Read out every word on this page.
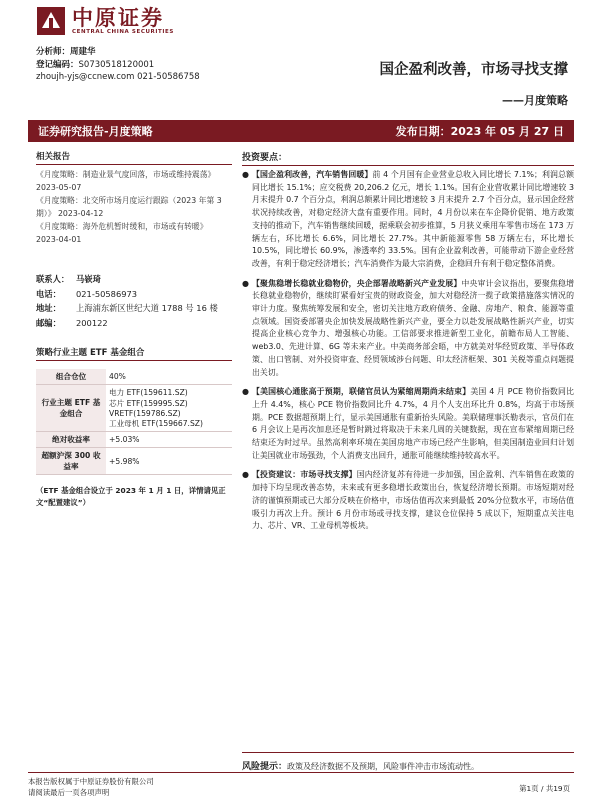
中原证券
CENTRAL CHINA SECURITIES
分析师：周建华
登记编码：S0730518120001
zhoujh-yjs@ccnew.com 021-50586758	国企盈利改善，市场寻找支撑
——月度策略
证券研究报告-月度策略	发布日期：2023 年 05 月 27 日
相关报告
《月度策略：制造业景气度回落，市场或维持震荡》 2023-05-07
《月度策略：北交所市场月度运行跟踪（2023 年第 3 期）》 2023-04-12
《月度策略：海外危机暂时缓和，市场或有转暖》 2023-04-01
联系人： 马嵚琦
电话：	021-50586973
地址：	上海浦东新区世纪大道 1788 号 16 楼
邮编：	200122
策略行业主题 ETF 基金组合
组合仓位	40%
行业主题 ETF 基金组合	电力 ETF(159611.SZ)
芯片 ETF(159995.SZ)
VRETF(159786.SZ)
工业母机 ETF(159667.SZ)

绝对收益率	+5.03%
超额沪深 300 收益率	+5.98%
（ETF 基金组合设立于 2023 年 1 月 1 日，详情请见正文“配置建议”）
投资要点：
● 【国企盈利改善，汽车销售回暖】前 4 个月国有企业营业总收入同比增长 7.1%；利润总额同比增长 15.1%；应交税费 20,206.2 亿元，增长 1.1%。国有企业营收累计同比增速较 3 月末提升 0.7 个百分点，利润总额累计同比增速较 3 月末提升 2.7 个百分点，显示国企经营状况持续改善，对稳定经济大盘有重要作用。同时，4 月份以来在车企降价促销、地方政策支持的推动下，汽车销售继续回暖，据乘联会初步推算，5 月狭义乘用车零售市场在 173 万辆左右，环比增长 6.6%，同比增长 27.7%。其中新能源零售 58 万辆左右，环比增长 10.5%，同比增长 60.9%，渗透率约 33.5%。国有企业盈利改善，可能带动下游企业经营改善，有利于稳定经济增长；汽车消费作为最大宗消费，企稳回升有利于稳定整体消费。
● 【聚焦稳增长稳就业稳物价，央企部署战略新兴产业发展】中央审计会议指出，要聚焦稳增长稳就业稳物价，继续盯紧看好宝贵的财政资金，加大对稳经济一揽子政策措施落实情况的审计力度。聚焦统筹发展和安全，密切关注地方政府债务、金融、房地产、粮食、能源等重点领域。国资委部署央企加快发展战略性新兴产业，要全力以赴发展战略性新兴产业，切实提高企业核心竞争力、增强核心功能。工信部要求推进新型工业化，前瞻布局人工智能、web3.0、先进计算、6G 等未来产业。中美商务部会晤，中方就美对华经贸政策、半导体政策、出口管制、对外投资审查、经贸领域涉台问题、印太经济框架、301 关税等重点问题提出关切。
● 【美国核心通胀高于预期，联储官员认为紧缩周期尚未结束】美国 4 月 PCE 物价指数同比上升 4.4%，核心 PCE 物价指数同比升 4.7%，4 月个人支出环比升 0.8%，均高于市场预期。PCE 数据超预期上行，显示美国通胀有重新抬头风险。美联储理事沃勒表示，官员们在 6 月会议上是再次加息还是暂时跳过将取决于未来几周的关键数据，现在宣布紧缩周期已经结束还为时过早。虽然高利率环境在美国房地产市场已经产生影响，但美国制造业回归计划让美国就业市场强劲，个人消费支出回升，通胀可能继续维持较高水平。
● 【投资建议：市场寻找支撑】国内经济复苏有待进一步加强，国企盈利、汽车销售在政策的加持下均呈现改善态势，未来或有更多稳增长政策出台，恢复经济增长预期。市场短期对经济的谨慎预期或已大部分反映在价格中，市场估值再次来到最低 20%分位数水平，市场估值吸引力再次上升。预计 6 月份市场或寻找支撑，建议仓位保持 5 成以下，短期重点关注电力、芯片、VR、工业母机等板块。
风险提示：政策及经济数据不及预期，风险事件冲击市场流动性。
本报告版权属于中原证券股份有限公司
请阅读最后一页各项声明	第1页 / 共19页
